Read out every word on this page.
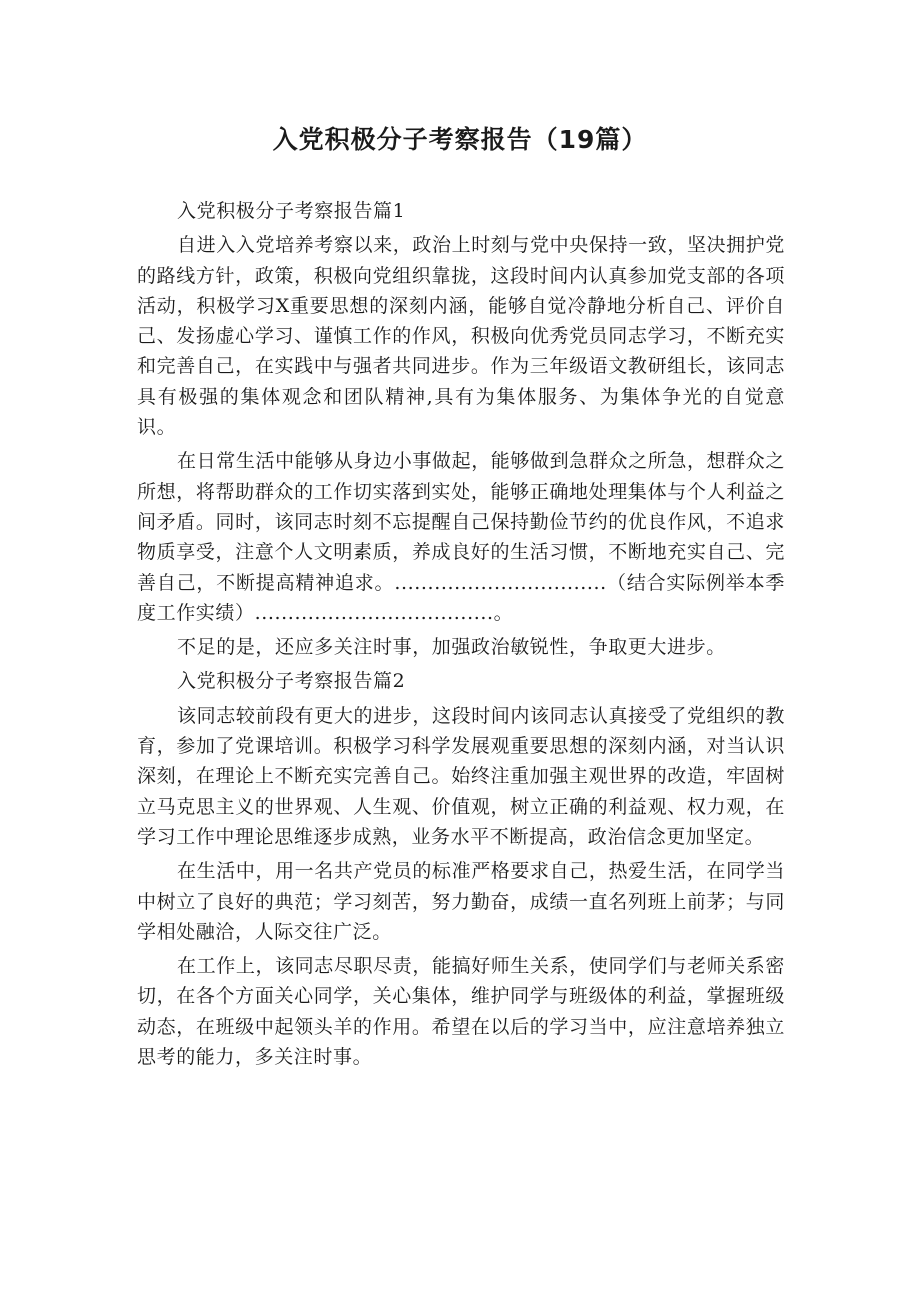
入党积极分子考察报告（19篇）

入党积极分子考察报告篇1

自进入入党培养考察以来，政治上时刻与党中央保持一致，坚决拥护党的路线方针，政策，积极向党组织靠拢，这段时间内认真参加党支部的各项活动，积极学习X重要思想的深刻内涵，能够自觉冷静地分析自己、评价自己、发扬虚心学习、谨慎工作的作风，积极向优秀党员同志学习，不断充实和完善自己，在实践中与强者共同进步。作为三年级语文教研组长，该同志具有极强的集体观念和团队精神,具有为集体服务、为集体争光的自觉意识。

在日常生活中能够从身边小事做起，能够做到急群众之所急，想群众之所想，将帮助群众的工作切实落到实处，能够正确地处理集体与个人利益之间矛盾。同时，该同志时刻不忘提醒自己保持勤俭节约的优良作风，不追求物质享受，注意个人文明素质，养成良好的生活习惯，不断地充实自己、完善自己，不断提高精神追求。................................（结合实际例举本季度工作实绩）....................................。

不足的是，还应多关注时事，加强政治敏锐性，争取更大进步。

入党积极分子考察报告篇2

该同志较前段有更大的进步，这段时间内该同志认真接受了党组织的教育，参加了党课培训。积极学习科学发展观重要思想的深刻内涵，对当认识深刻，在理论上不断充实完善自己。始终注重加强主观世界的改造，牢固树立马克思主义的世界观、人生观、价值观，树立正确的利益观、权力观，在学习工作中理论思维逐步成熟，业务水平不断提高，政治信念更加坚定。

在生活中，用一名共产党员的标准严格要求自己，热爱生活，在同学当中树立了良好的典范；学习刻苦，努力勤奋，成绩一直名列班上前茅；与同学相处融洽，人际交往广泛。

在工作上，该同志尽职尽责，能搞好师生关系，使同学们与老师关系密切，在各个方面关心同学，关心集体，维护同学与班级体的利益，掌握班级动态，在班级中起领头羊的作用。希望在以后的学习当中，应注意培养独立思考的能力，多关注时事。
